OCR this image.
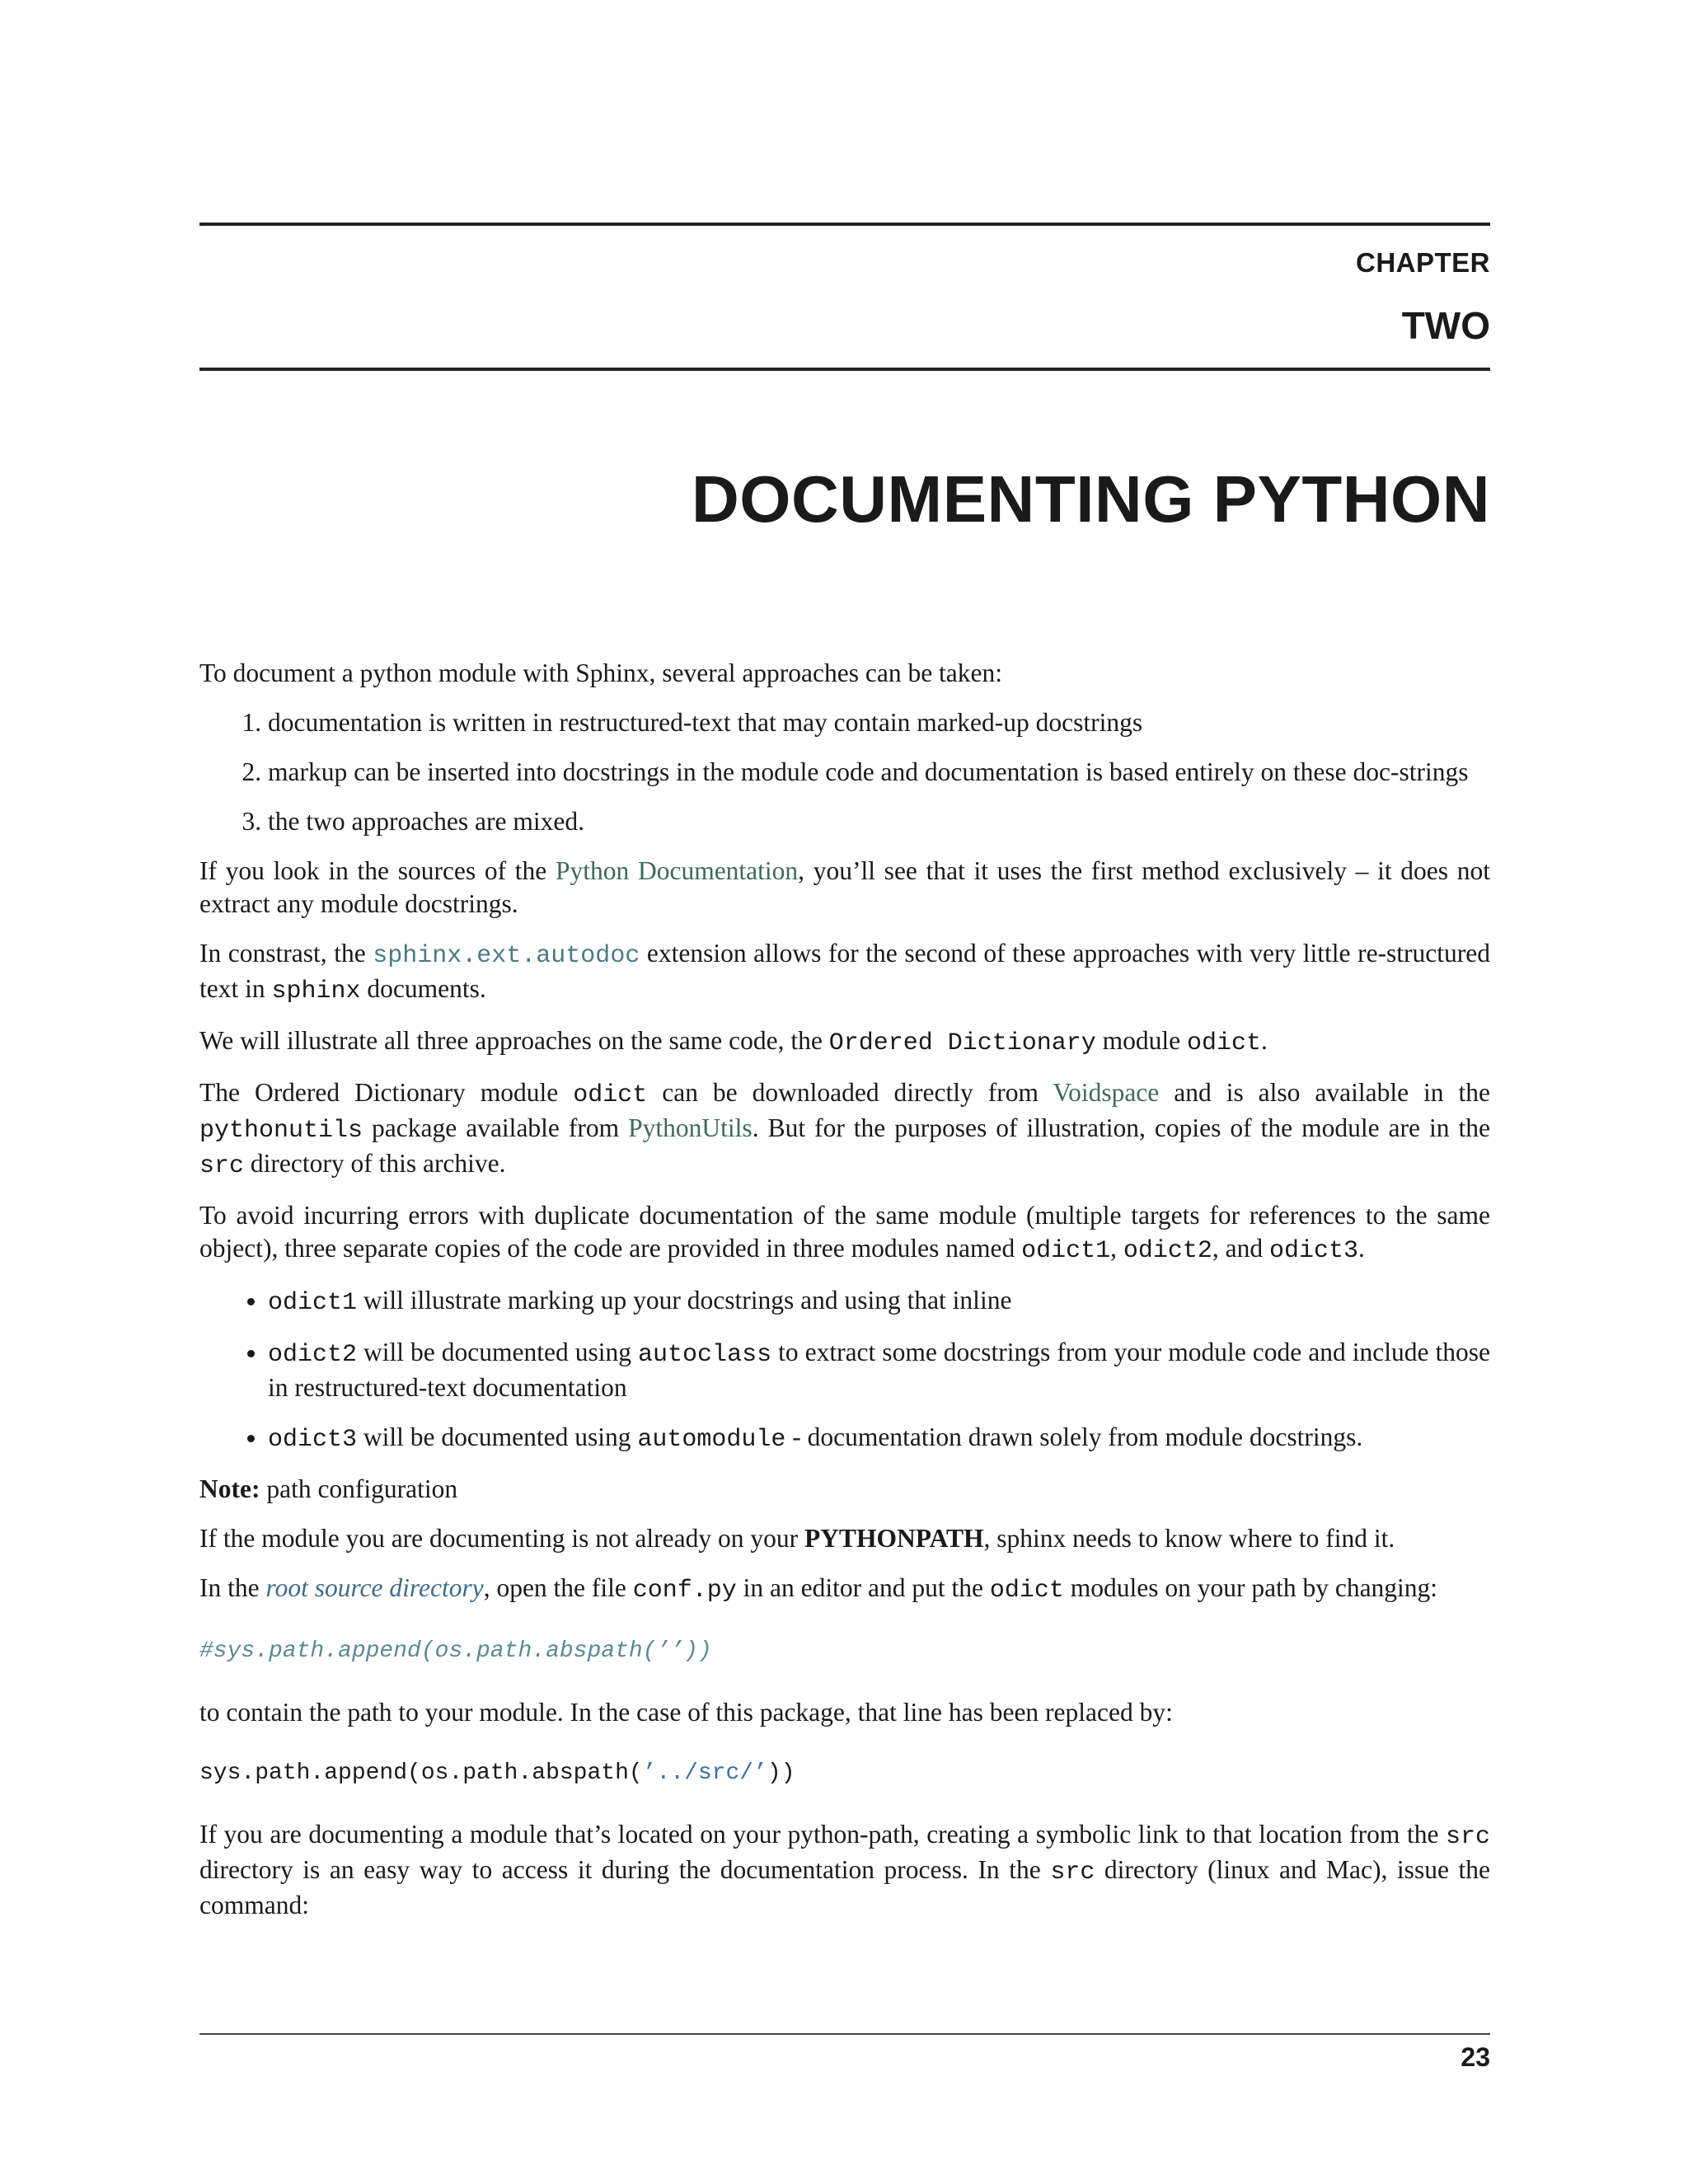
CHAPTER
TWO
DOCUMENTING PYTHON

To document a python module with Sphinx, several approaches can be taken:

1. documentation is written in restructured-text that may contain marked-up docstrings
2. markup can be inserted into docstrings in the module code and documentation is based entirely on these doc-strings
3. the two approaches are mixed.

If you look in the sources of the Python Documentation, you’ll see that it uses the first method exclusively – it does not extract any module docstrings.

In constrast, the sphinx.ext.autodoc extension allows for the second of these approaches with very little re-structured text in sphinx documents.

We will illustrate all three approaches on the same code, the Ordered Dictionary module odict.

The Ordered Dictionary module odict can be downloaded directly from Voidspace and is also available in the pythonutils package available from PythonUtils. But for the purposes of illustration, copies of the module are in the src directory of this archive.

To avoid incurring errors with duplicate documentation of the same module (multiple targets for references to the same object), three separate copies of the code are provided in three modules named odict1, odict2, and odict3.

• odict1 will illustrate marking up your docstrings and using that inline
• odict2 will be documented using autoclass to extract some docstrings from your module code and include those in restructured-text documentation
• odict3 will be documented using automodule - documentation drawn solely from module docstrings.

Note: path configuration

If the module you are documenting is not already on your PYTHONPATH, sphinx needs to know where to find it.

In the root source directory, open the file conf.py in an editor and put the odict modules on your path by changing:

#sys.path.append(os.path.abspath(’’))

to contain the path to your module. In the case of this package, that line has been replaced by:

sys.path.append(os.path.abspath(’../src/’))

If you are documenting a module that’s located on your python-path, creating a symbolic link to that location from the src directory is an easy way to access it during the documentation process. In the src directory (linux and Mac), issue the command:

23
